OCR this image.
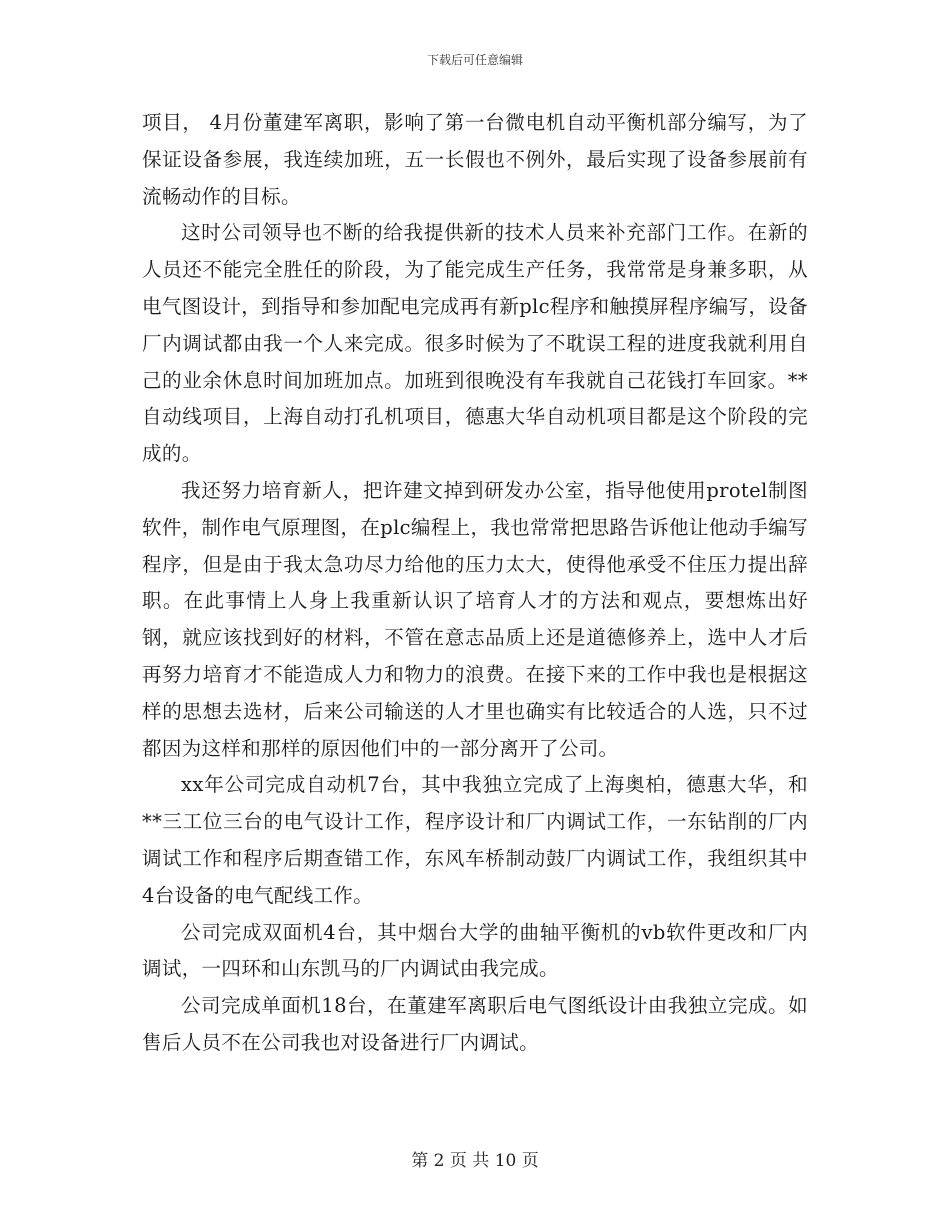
下载后可任意编辑

项目， 4月份董建军离职，影响了第一台微电机自动平衡机部分编写，为了保证设备参展，我连续加班，五一长假也不例外，最后实现了设备参展前有流畅动作的目标。

这时公司领导也不断的给我提供新的技术人员来补充部门工作。在新的人员还不能完全胜任的阶段，为了能完成生产任务，我常常是身兼多职，从电气图设计，到指导和参加配电完成再有新plc程序和触摸屏程序编写，设备厂内调试都由我一个人来完成。很多时候为了不耽误工程的进度我就利用自己的业余休息时间加班加点。加班到很晚没有车我就自己花钱打车回家。**自动线项目，上海自动打孔机项目，德惠大华自动机项目都是这个阶段的完成的。

我还努力培育新人，把许建文掉到研发办公室，指导他使用protel制图软件，制作电气原理图，在plc编程上，我也常常把思路告诉他让他动手编写程序，但是由于我太急功尽力给他的压力太大，使得他承受不住压力提出辞职。在此事情上人身上我重新认识了培育人才的方法和观点，要想炼出好钢，就应该找到好的材料，不管在意志品质上还是道德修养上，选中人才后再努力培育才不能造成人力和物力的浪费。在接下来的工作中我也是根据这样的思想去选材，后来公司输送的人才里也确实有比较适合的人选，只不过都因为这样和那样的原因他们中的一部分离开了公司。

xx年公司完成自动机7台，其中我独立完成了上海奥柏，德惠大华，和**三工位三台的电气设计工作，程序设计和厂内调试工作，一东钻削的厂内调试工作和程序后期查错工作，东风车桥制动鼓厂内调试工作，我组织其中4台设备的电气配线工作。

公司完成双面机4台，其中烟台大学的曲轴平衡机的vb软件更改和厂内调试，一四环和山东凯马的厂内调试由我完成。

公司完成单面机18台，在董建军离职后电气图纸设计由我独立完成。如售后人员不在公司我也对设备进行厂内调试。

第 2 页 共 10 页
